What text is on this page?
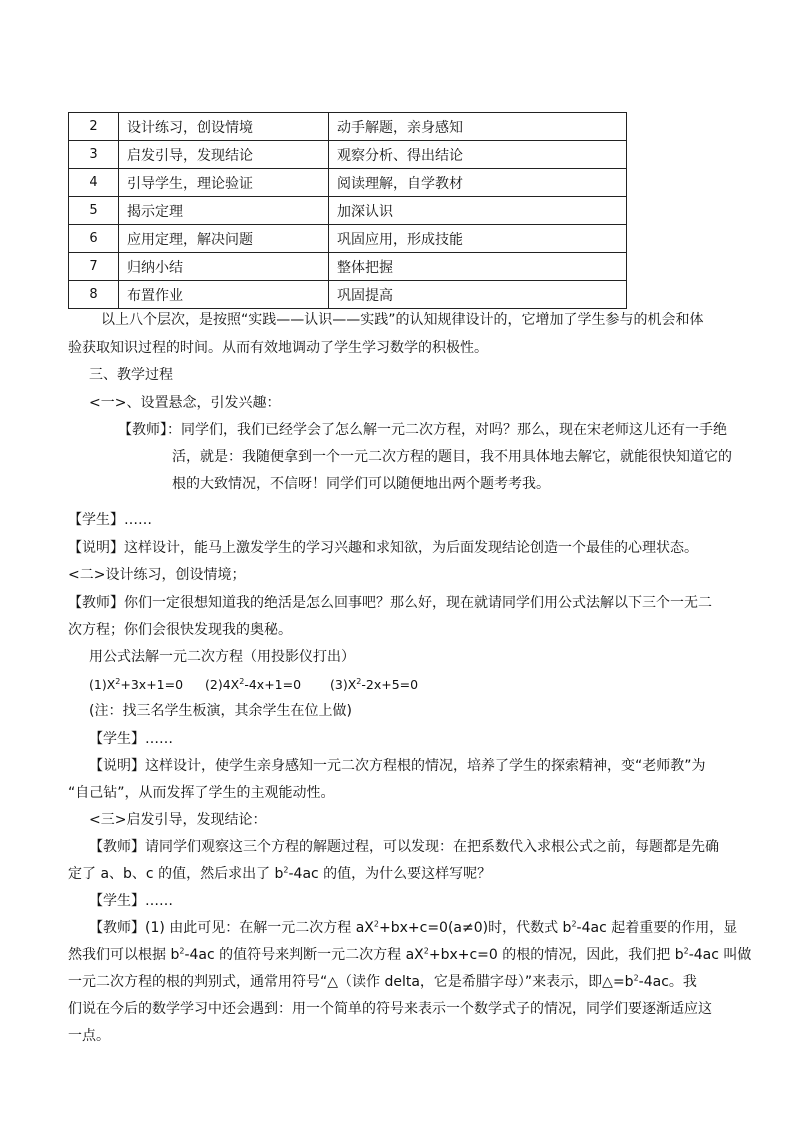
2	设计练习，创设情境	动手解题，亲身感知
3	启发引导，发现结论	观察分析、得出结论
4	引导学生，理论验证	阅读理解，自学教材
5	揭示定理	加深认识
6	应用定理，解决问题	巩固应用，形成技能
7	归纳小结	整体把握
8	布置作业	巩固提高
以上八个层次，是按照“实践——认识——实践”的认知规律设计的，它增加了学生参与的机会和体
验获取知识过程的时间。从而有效地调动了学生学习数学的积极性。
三、教学过程
<一>、设置悬念，引发兴趣：
【教师】：同学们，我们已经学会了怎么解一元二次方程，对吗？那么，现在宋老师这儿还有一手绝
活，就是：我随便拿到一个一元二次方程的题目，我不用具体地去解它，就能很快知道它的
根的大致情况，不信呀！同学们可以随便地出两个题考考我。
【学生】……
【说明】这样设计，能马上激发学生的学习兴趣和求知欲，为后面发现结论创造一个最佳的心理状态。
<二>设计练习，创设情境；
【教师】你们一定很想知道我的绝活是怎么回事吧？那么好，现在就请同学们用公式法解以下三个一无二
次方程；你们会很快发现我的奥秘。
用公式法解一元二次方程（用投影仪打出）
$(1)X^2+3x+1=0$ $(2)4X^2-4x+1=0$ $(3)X^2-2x+5=0$
(注：找三名学生板演，其余学生在位上做)
【学生】……
【说明】这样设计，使学生亲身感知一元二次方程根的情况，培养了学生的探索精神，变“老师教”为
“自己钻”，从而发挥了学生的主观能动性。
<三>启发引导，发现结论：
【教师】请同学们观察这三个方程的解题过程，可以发现：在把系数代入求根公式之前，每题都是先确
定了 a、b、c 的值，然后求出了 $b^2-4ac$ 的值，为什么要这样写呢？
【学生】……
【教师】(1) 由此可见：在解一元二次方程 $aX^2+bx+c=0(a\ne 0)$时，代数式 $b^2-4ac$ 起着重要的作用，显
然我们可以根据 $b^2-4ac$ 的值符号来判断一元二次方程 $aX^2+bx+c=0$ 的根的情况，因此，我们把 $b^2-4ac$ 叫做
一元二次方程的根的判别式，通常用符号“△（读作 delta，它是希腊字母）”来表示，即$\triangle=b^2-4ac$。我
们说在今后的数学学习中还会遇到：用一个简单的符号来表示一个数学式子的情况，同学们要逐渐适应这
一点。
